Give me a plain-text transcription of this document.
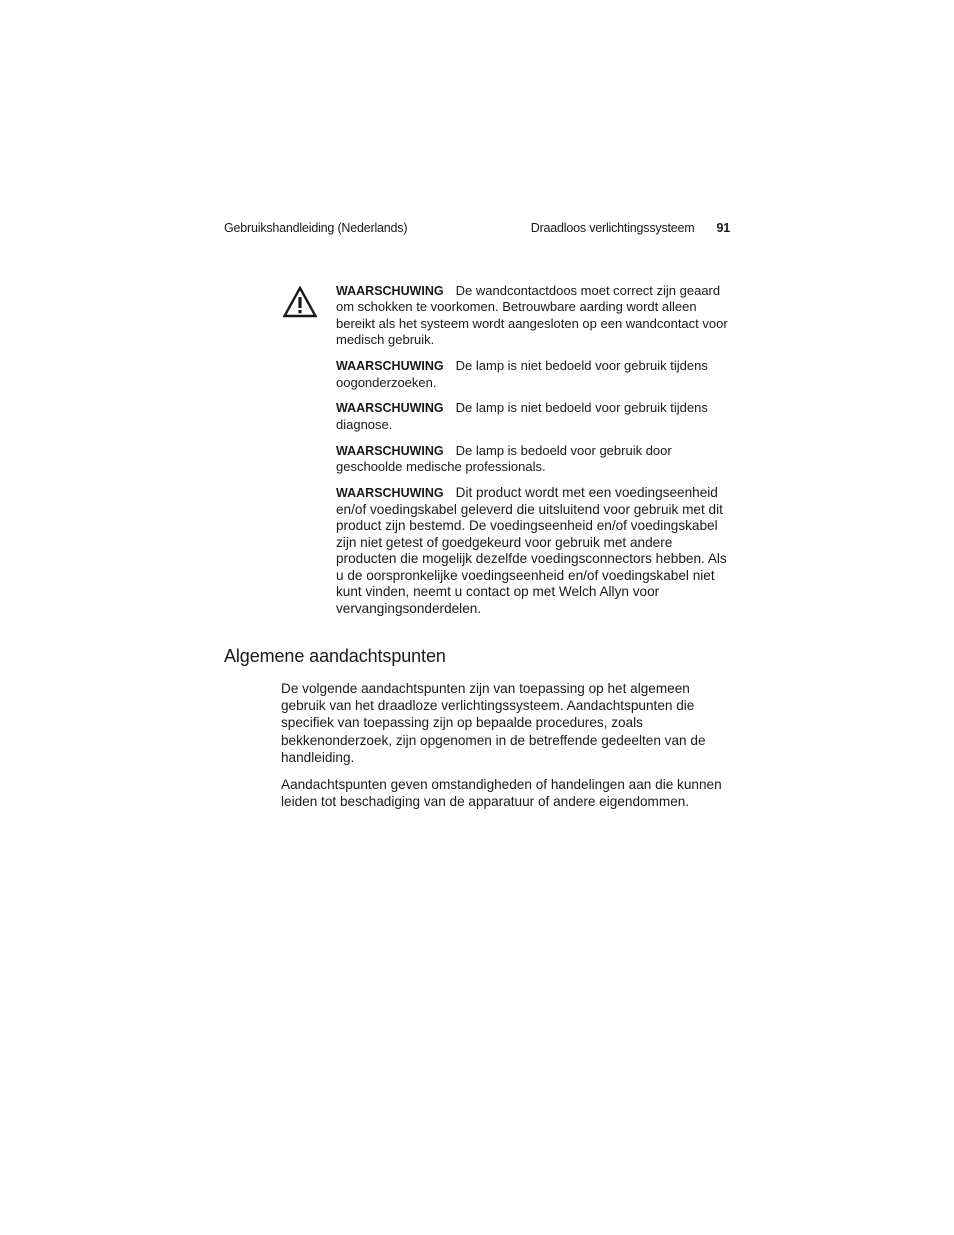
Gebruikshandleiding (Nederlands)	Draadloos verlichtingssysteem 91

WAARSCHUWING De wandcontactdoos moet correct zijn geaard om schokken te voorkomen. Betrouwbare aarding wordt alleen bereikt als het systeem wordt aangesloten op een wandcontact voor medisch gebruik.

WAARSCHUWING De lamp is niet bedoeld voor gebruik tijdens oogonderzoeken.

WAARSCHUWING De lamp is niet bedoeld voor gebruik tijdens diagnose.

WAARSCHUWING De lamp is bedoeld voor gebruik door geschoolde medische professionals.

WAARSCHUWING Dit product wordt met een voedingseenheid en/of voedingskabel geleverd die uitsluitend voor gebruik met dit product zijn bestemd. De voedingseenheid en/of voedingskabel zijn niet getest of goedgekeurd voor gebruik met andere producten die mogelijk dezelfde voedingsconnectors hebben. Als u de oorspronkelijke voedingseenheid en/of voedingskabel niet kunt vinden, neemt u contact op met Welch Allyn voor vervangingsonderdelen.

Algemene aandachtspunten

De volgende aandachtspunten zijn van toepassing op het algemeen gebruik van het draadloze verlichtingssysteem. Aandachtspunten die specifiek van toepassing zijn op bepaalde procedures, zoals bekkenonderzoek, zijn opgenomen in de betreffende gedeelten van de handleiding.

Aandachtspunten geven omstandigheden of handelingen aan die kunnen leiden tot beschadiging van de apparatuur of andere eigendommen.
